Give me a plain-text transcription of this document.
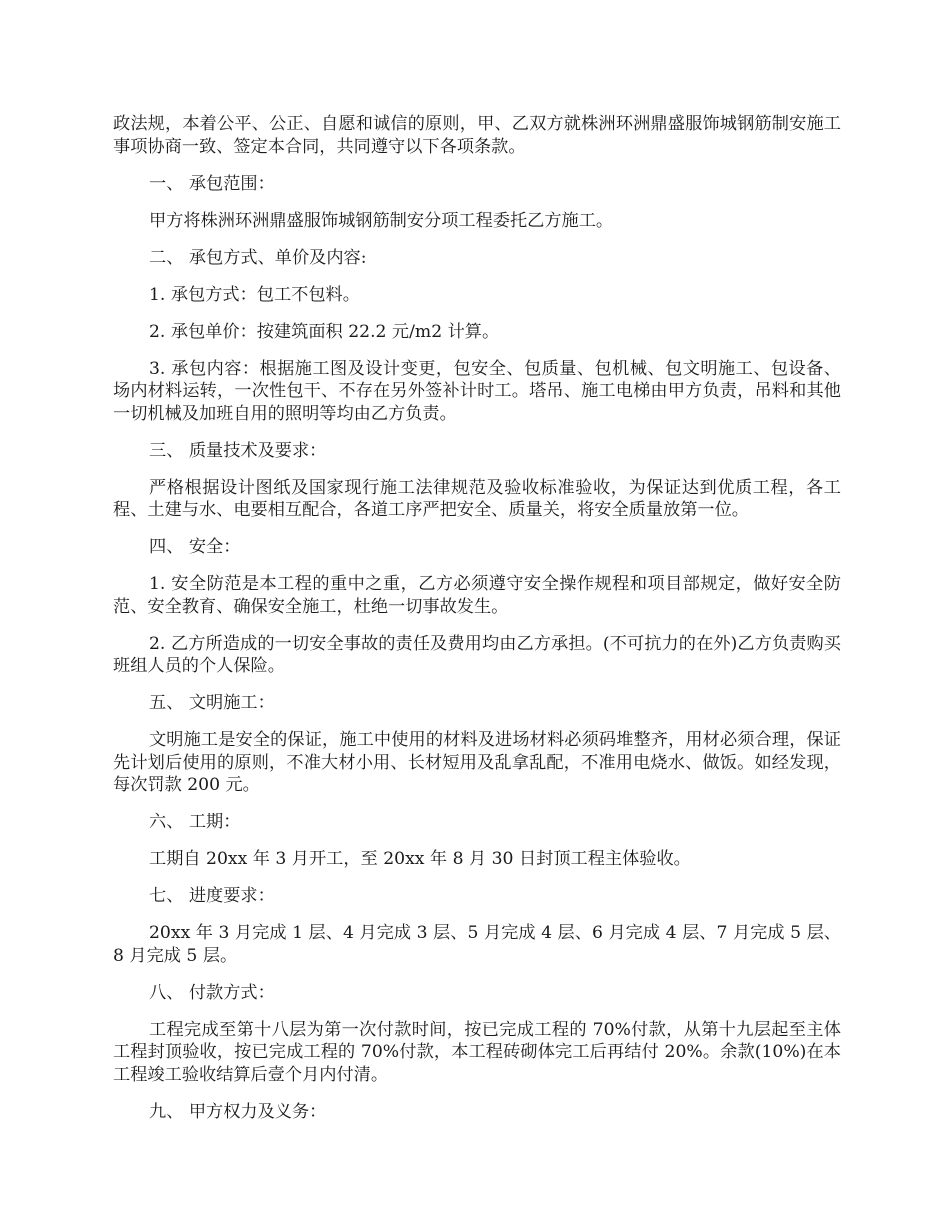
政法规，本着公平、公正、自愿和诚信的原则，甲、乙双方就株洲环洲鼎盛服饰城钢筋制安施工事项协商一致、签定本合同，共同遵守以下各项条款。

一、 承包范围：

甲方将株洲环洲鼎盛服饰城钢筋制安分项工程委托乙方施工。

二、 承包方式、单价及内容:

1. 承包方式：包工不包料。

2. 承包单价：按建筑面积 22.2 元/m2 计算。

3. 承包内容：根据施工图及设计变更，包安全、包质量、包机械、包文明施工、包设备、场内材料运转，一次性包干、不存在另外签补计时工。塔吊、施工电梯由甲方负责，吊料和其他一切机械及加班自用的照明等均由乙方负责。

三、 质量技术及要求：

严格根据设计图纸及国家现行施工法律规范及验收标准验收，为保证达到优质工程，各工程、土建与水、电要相互配合，各道工序严把安全、质量关，将安全质量放第一位。

四、 安全：

1. 安全防范是本工程的重中之重，乙方必须遵守安全操作规程和项目部规定，做好安全防范、安全教育、确保安全施工，杜绝一切事故发生。

2. 乙方所造成的一切安全事故的责任及费用均由乙方承担。(不可抗力的在外)乙方负责购买班组人员的个人保险。

五、 文明施工：

文明施工是安全的保证，施工中使用的材料及进场材料必须码堆整齐，用材必须合理，保证先计划后使用的原则，不准大材小用、长材短用及乱拿乱配，不准用电烧水、做饭。如经发现，每次罚款 200 元。

六、 工期：

工期自 20xx 年 3 月开工，至 20xx 年 8 月 30 日封顶工程主体验收。

七、 进度要求：

20xx 年 3 月完成 1 层、4 月完成 3 层、5 月完成 4 层、6 月完成 4 层、7 月完成 5 层、8 月完成 5 层。

八、 付款方式：

工程完成至第十八层为第一次付款时间，按已完成工程的 70%付款，从第十九层起至主体工程封顶验收，按已完成工程的 70%付款，本工程砖砌体完工后再结付 20%。余款(10%)在本工程竣工验收结算后壹个月内付清。

九、 甲方权力及义务：
